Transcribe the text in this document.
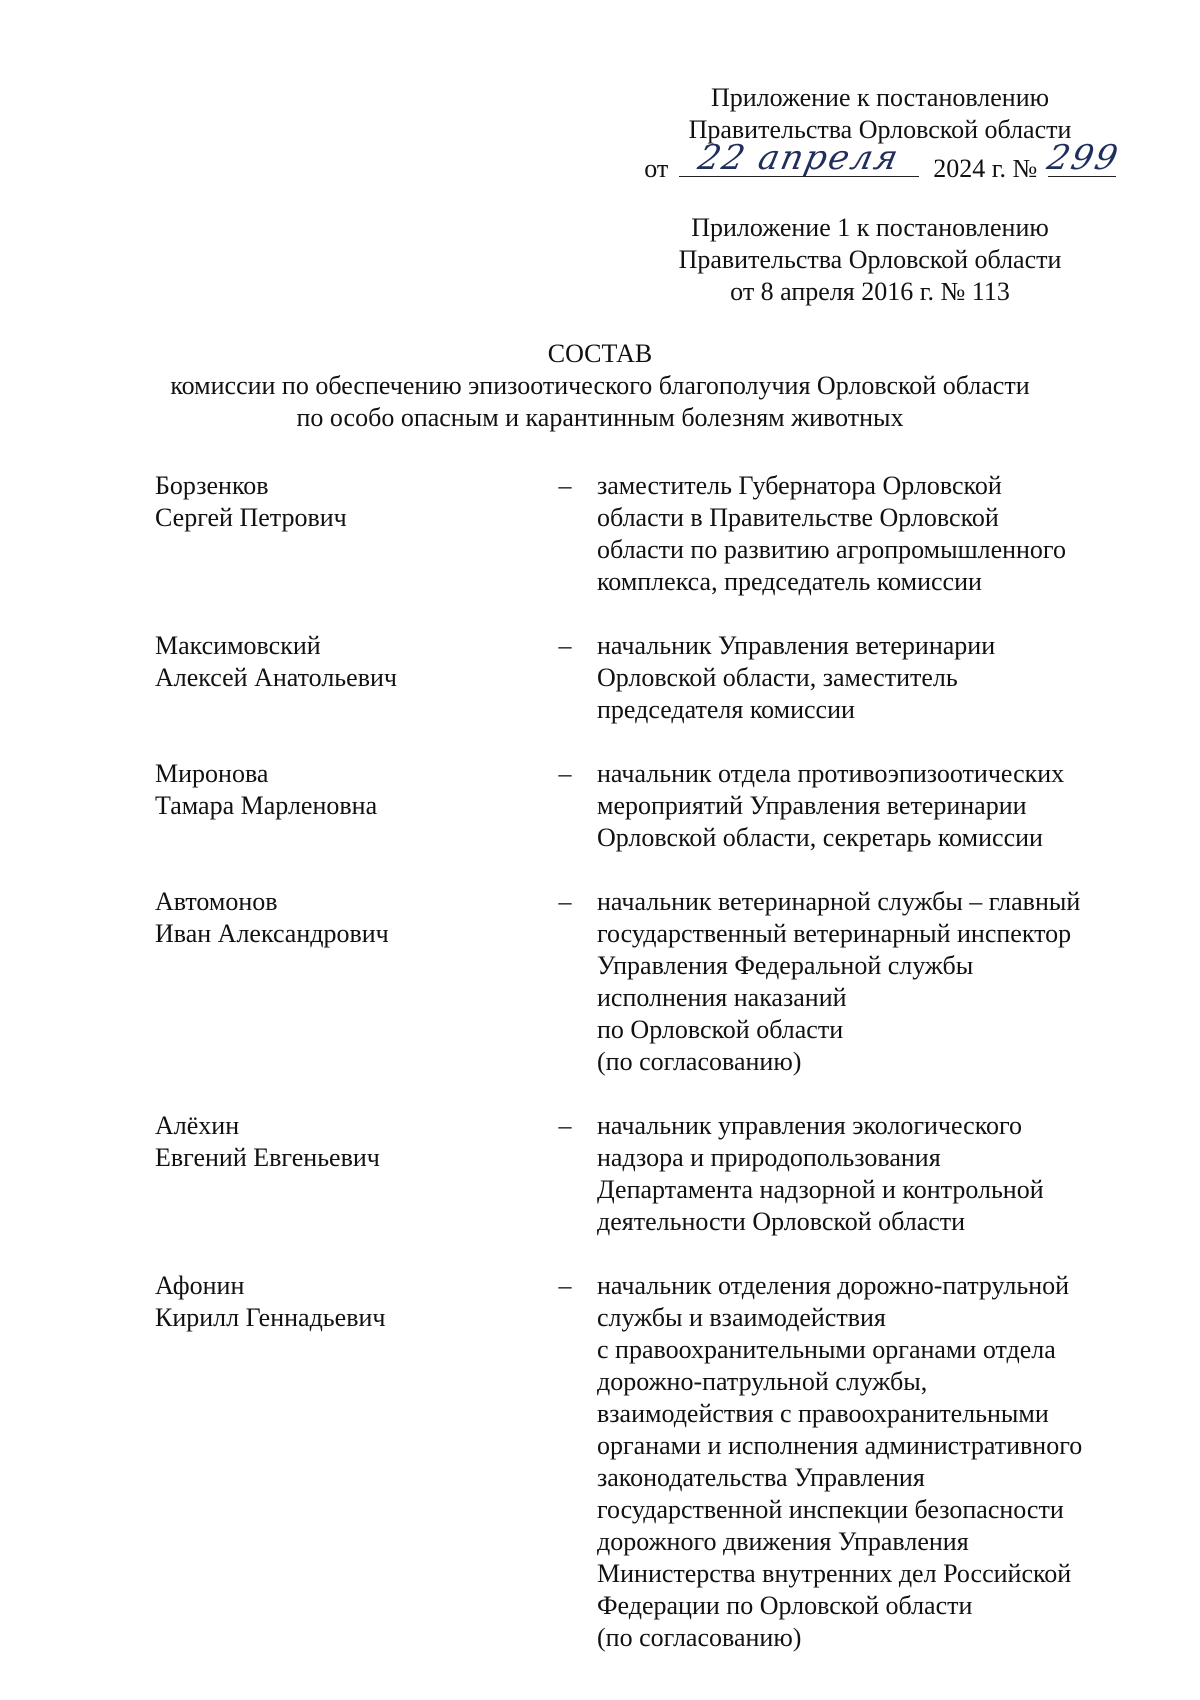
Приложение к постановлению
Правительства Орловской области
от 22 апреля	2024 г. № 299
Приложение 1 к постановлению
Правительства Орловской области
от 8 апреля 2016 г. № 113
СОСТАВ
комиссии по обеспечению эпизоотического благополучия Орловской области
по особо опасным и карантинным болезням животных
Борзенков
Сергей Петрович
– заместитель Губернатора Орловской
области в Правительстве Орловской
области по развитию агропромышленного
комплекса, председатель комиссии
Максимовский
Алексей Анатольевич
– начальник Управления ветеринарии
Орловской области, заместитель
председателя комиссии
Миронова
Тамара Марленовна
– начальник отдела противоэпизоотических
мероприятий Управления ветеринарии
Орловской области, секретарь комиссии
Автомонов
Иван Александрович
– начальник ветеринарной службы – главный
государственный ветеринарный инспектор
Управления Федеральной службы
исполнения наказаний
по Орловской области
(по согласованию)
Алёхин
Евгений Евгеньевич
– начальник управления экологического
надзора и природопользования
Департамента надзорной и контрольной
деятельности Орловской области
Афонин
Кирилл Геннадьевич
– начальник отделения дорожно-патрульной
службы и взаимодействия
с правоохранительными органами отдела
дорожно-патрульной службы,
взаимодействия с правоохранительными
органами и исполнения административного
законодательства Управления
государственной инспекции безопасности
дорожного движения Управления
Министерства внутренних дел Российской
Федерации по Орловской области
(по согласованию)
